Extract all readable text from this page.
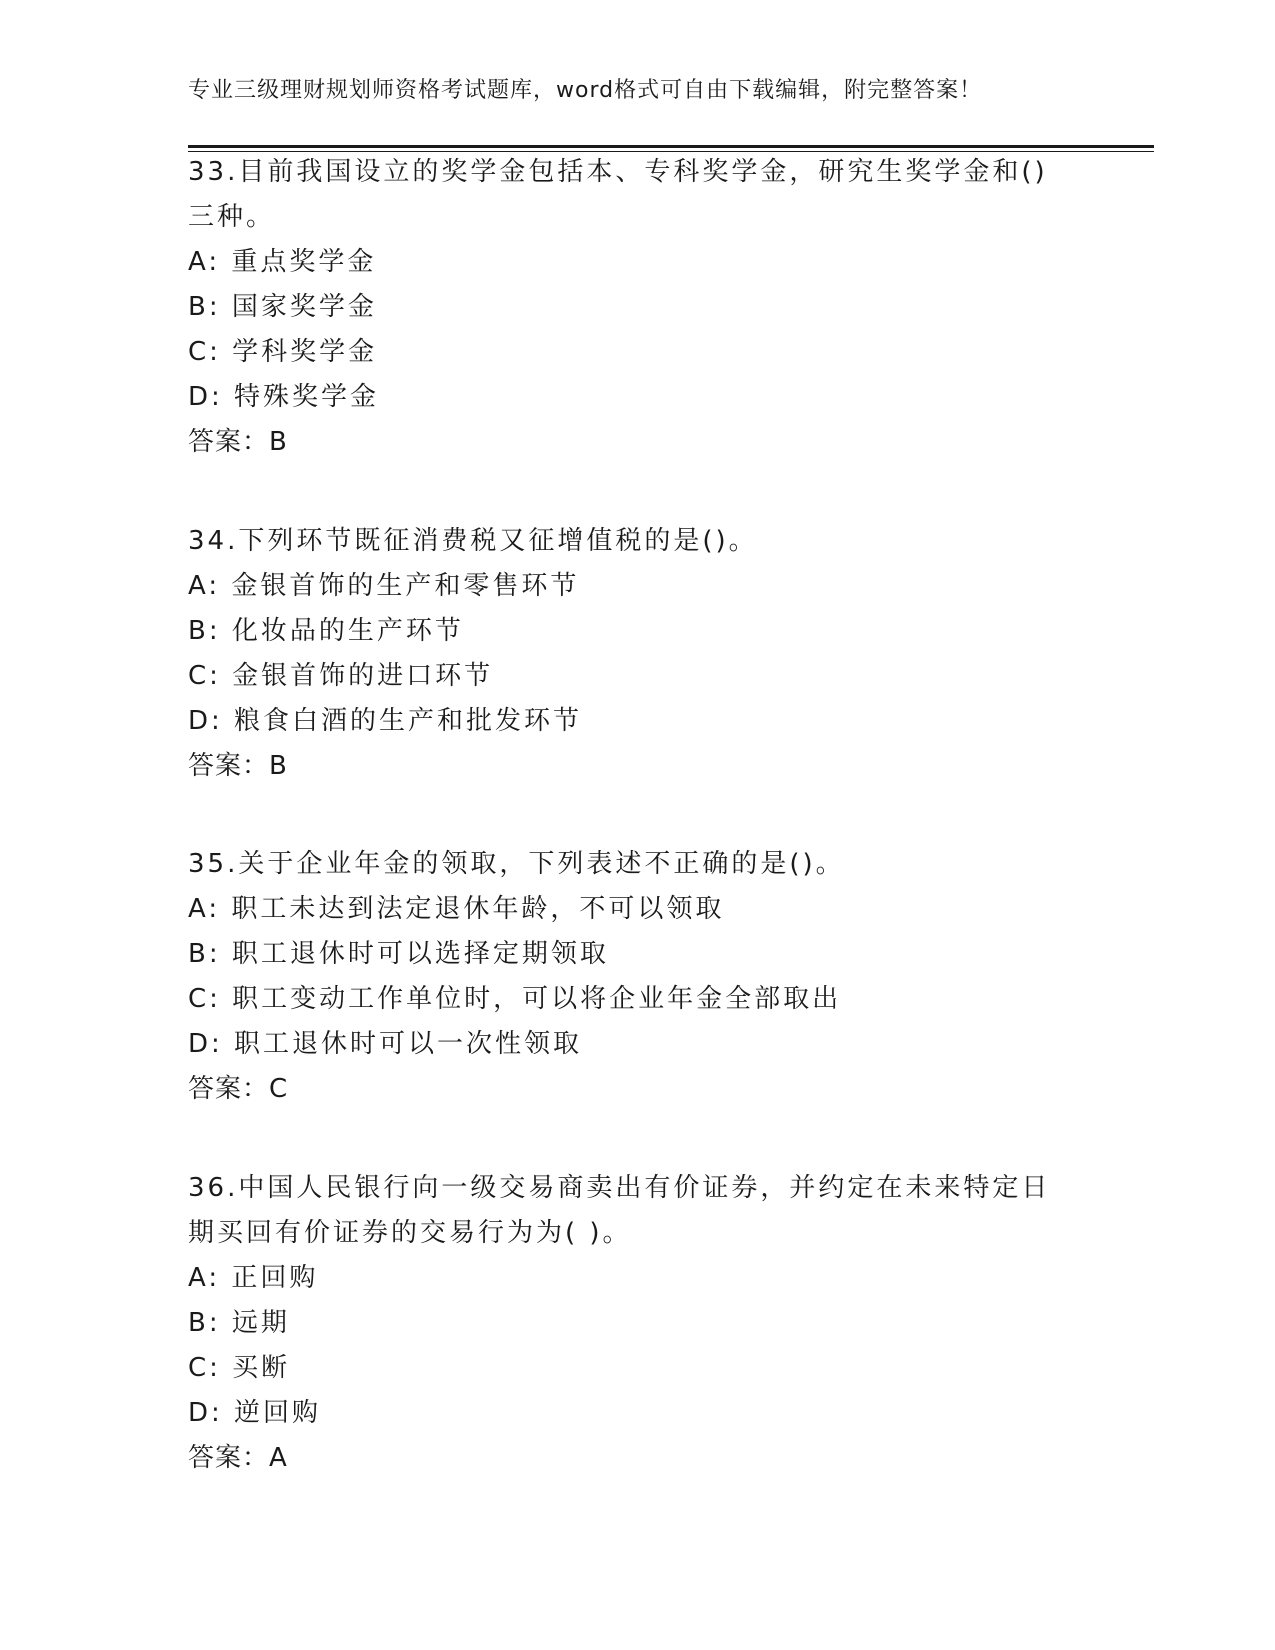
专业三级理财规划师资格考试题库，word格式可自由下载编辑，附完整答案！

33.目前我国设立的奖学金包括本、专科奖学金，研究生奖学金和()三种。

A: 重点奖学金

B: 国家奖学金

C: 学科奖学金

D: 特殊奖学金

答案：B

34.下列环节既征消费税又征增值税的是()。

A: 金银首饰的生产和零售环节

B: 化妆品的生产环节

C: 金银首饰的进口环节

D: 粮食白酒的生产和批发环节

答案：B

35.关于企业年金的领取，下列表述不正确的是()。

A: 职工未达到法定退休年龄，不可以领取

B: 职工退休时可以选择定期领取

C: 职工变动工作单位时，可以将企业年金全部取出

D: 职工退休时可以一次性领取

答案：C

36.中国人民银行向一级交易商卖出有价证券，并约定在未来特定日期买回有价证券的交易行为为( )。

A: 正回购

B: 远期

C: 买断

D: 逆回购

答案：A
